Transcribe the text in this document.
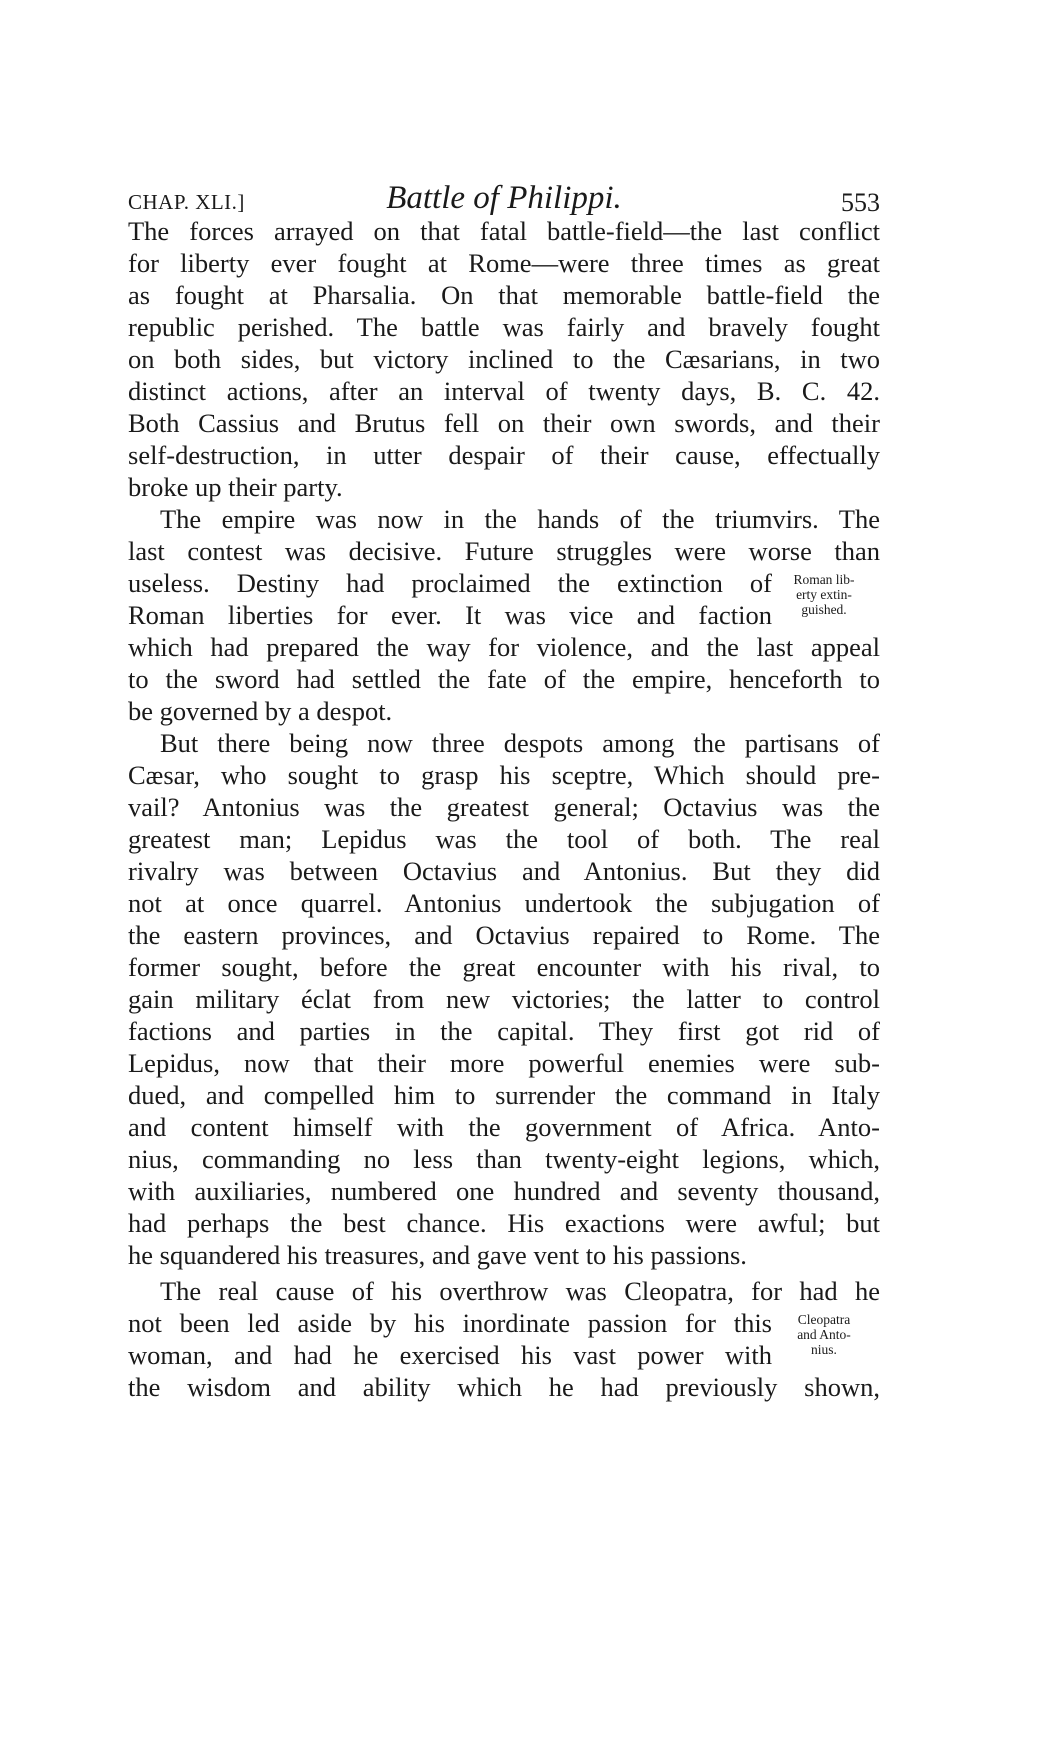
CHAP. XLI.]	Battle of Philippi.	553
The forces arrayed on that fatal battle-field—the last conflict
for liberty ever fought at Rome—were three times as great
as fought at Pharsalia. On that memorable battle-field the
republic perished. The battle was fairly and bravely fought
on both sides, but victory inclined to the Cæsarians, in two
distinct actions, after an interval of twenty days, B. C. 42.
Both Cassius and Brutus fell on their own swords, and their
self-destruction, in utter despair of their cause, effectually
broke up their party.
The empire was now in the hands of the triumvirs. The
last contest was decisive. Future struggles were worse than
useless. Destiny had proclaimed the extinction of
Roman liberties for ever. It was vice and faction
which had prepared the way for violence, and the last appeal
to the sword had settled the fate of the empire, henceforth to
be governed by a despot.
But there being now three despots among the partisans of
Cæsar, who sought to grasp his sceptre, Which should pre-
vail? Antonius was the greatest general; Octavius was the
greatest man; Lepidus was the tool of both. The real
rivalry was between Octavius and Antonius. But they did
not at once quarrel. Antonius undertook the subjugation of
the eastern provinces, and Octavius repaired to Rome. The
former sought, before the great encounter with his rival, to
gain military éclat from new victories; the latter to control
factions and parties in the capital. They first got rid of
Lepidus, now that their more powerful enemies were sub-
dued, and compelled him to surrender the command in Italy
and content himself with the government of Africa. Anto-
nius, commanding no less than twenty-eight legions, which,
with auxiliaries, numbered one hundred and seventy thousand,
had perhaps the best chance. His exactions were awful; but
he squandered his treasures, and gave vent to his passions.
The real cause of his overthrow was Cleopatra, for had he
not been led aside by his inordinate passion for this
woman, and had he exercised his vast power with
the wisdom and ability which he had previously shown,
Roman lib-
erty extin-
guished.
Cleopatra
and Anto-
nius.
